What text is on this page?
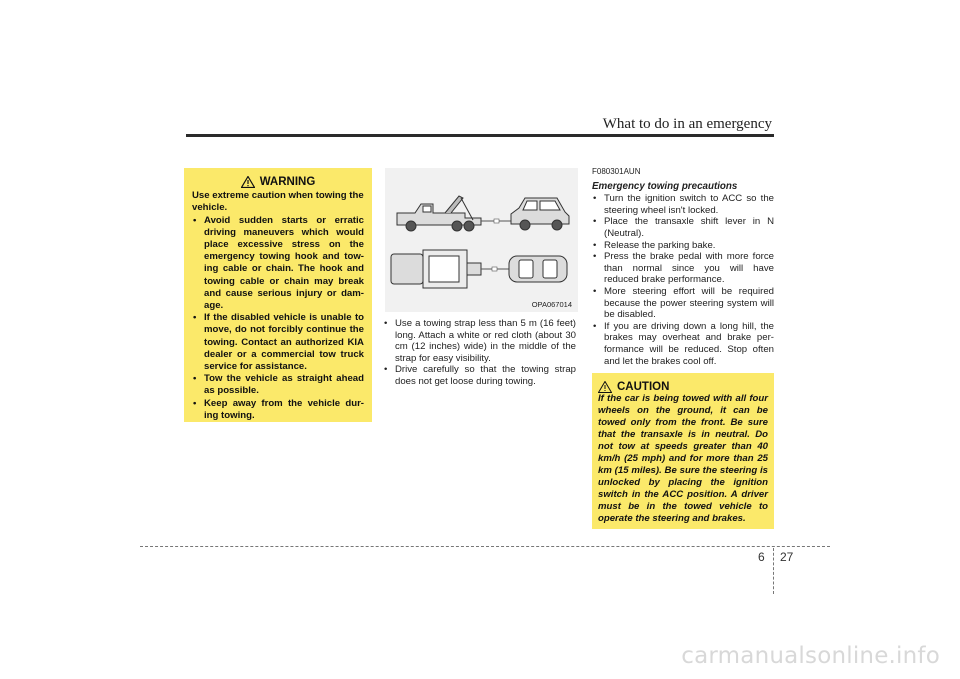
What to do in an emergency
WARNING
Use extreme caution when towing the vehicle.
• Avoid sudden starts or erratic driving maneuvers which would place excessive stress on the emergency towing hook and tow-ing cable or chain. The hook and towing cable or chain may break and cause serious injury or dam-age.
• If the disabled vehicle is unable to move, do not forcibly continue the towing. Contact an authorized KIA dealer or a commercial tow truck service for assistance.
• Tow the vehicle as straight ahead as possible.
• Keep away from the vehicle dur-ing towing.
OPA067014
• Use a towing strap less than 5 m (16 feet) long. Attach a white or red cloth (about 30 cm (12 inches) wide) in the middle of the strap for easy visibility.
• Drive carefully so that the towing strap does not get loose during towing.
F080301AUN
Emergency towing precautions
• Turn the ignition switch to ACC so the steering wheel isn't locked.
• Place the transaxle shift lever in N (Neutral).
• Release the parking bake.
• Press the brake pedal with more force than normal since you will have reduced brake performance.
• More steering effort will be required because the power steering system will be disabled.
• If you are driving down a long hill, the brakes may overheat and brake per-formance will be reduced. Stop often and let the brakes cool off.
CAUTION
If the car is being towed with all four wheels on the ground, it can be towed only from the front. Be sure that the transaxle is in neutral. Do not tow at speeds greater than 40 km/h (25 mph) and for more than 25 km (15 miles). Be sure the steering is unlocked by placing the ignition switch in the ACC position. A driver must be in the towed vehicle to operate the steering and brakes.
6 27
carmanualsonline.info
